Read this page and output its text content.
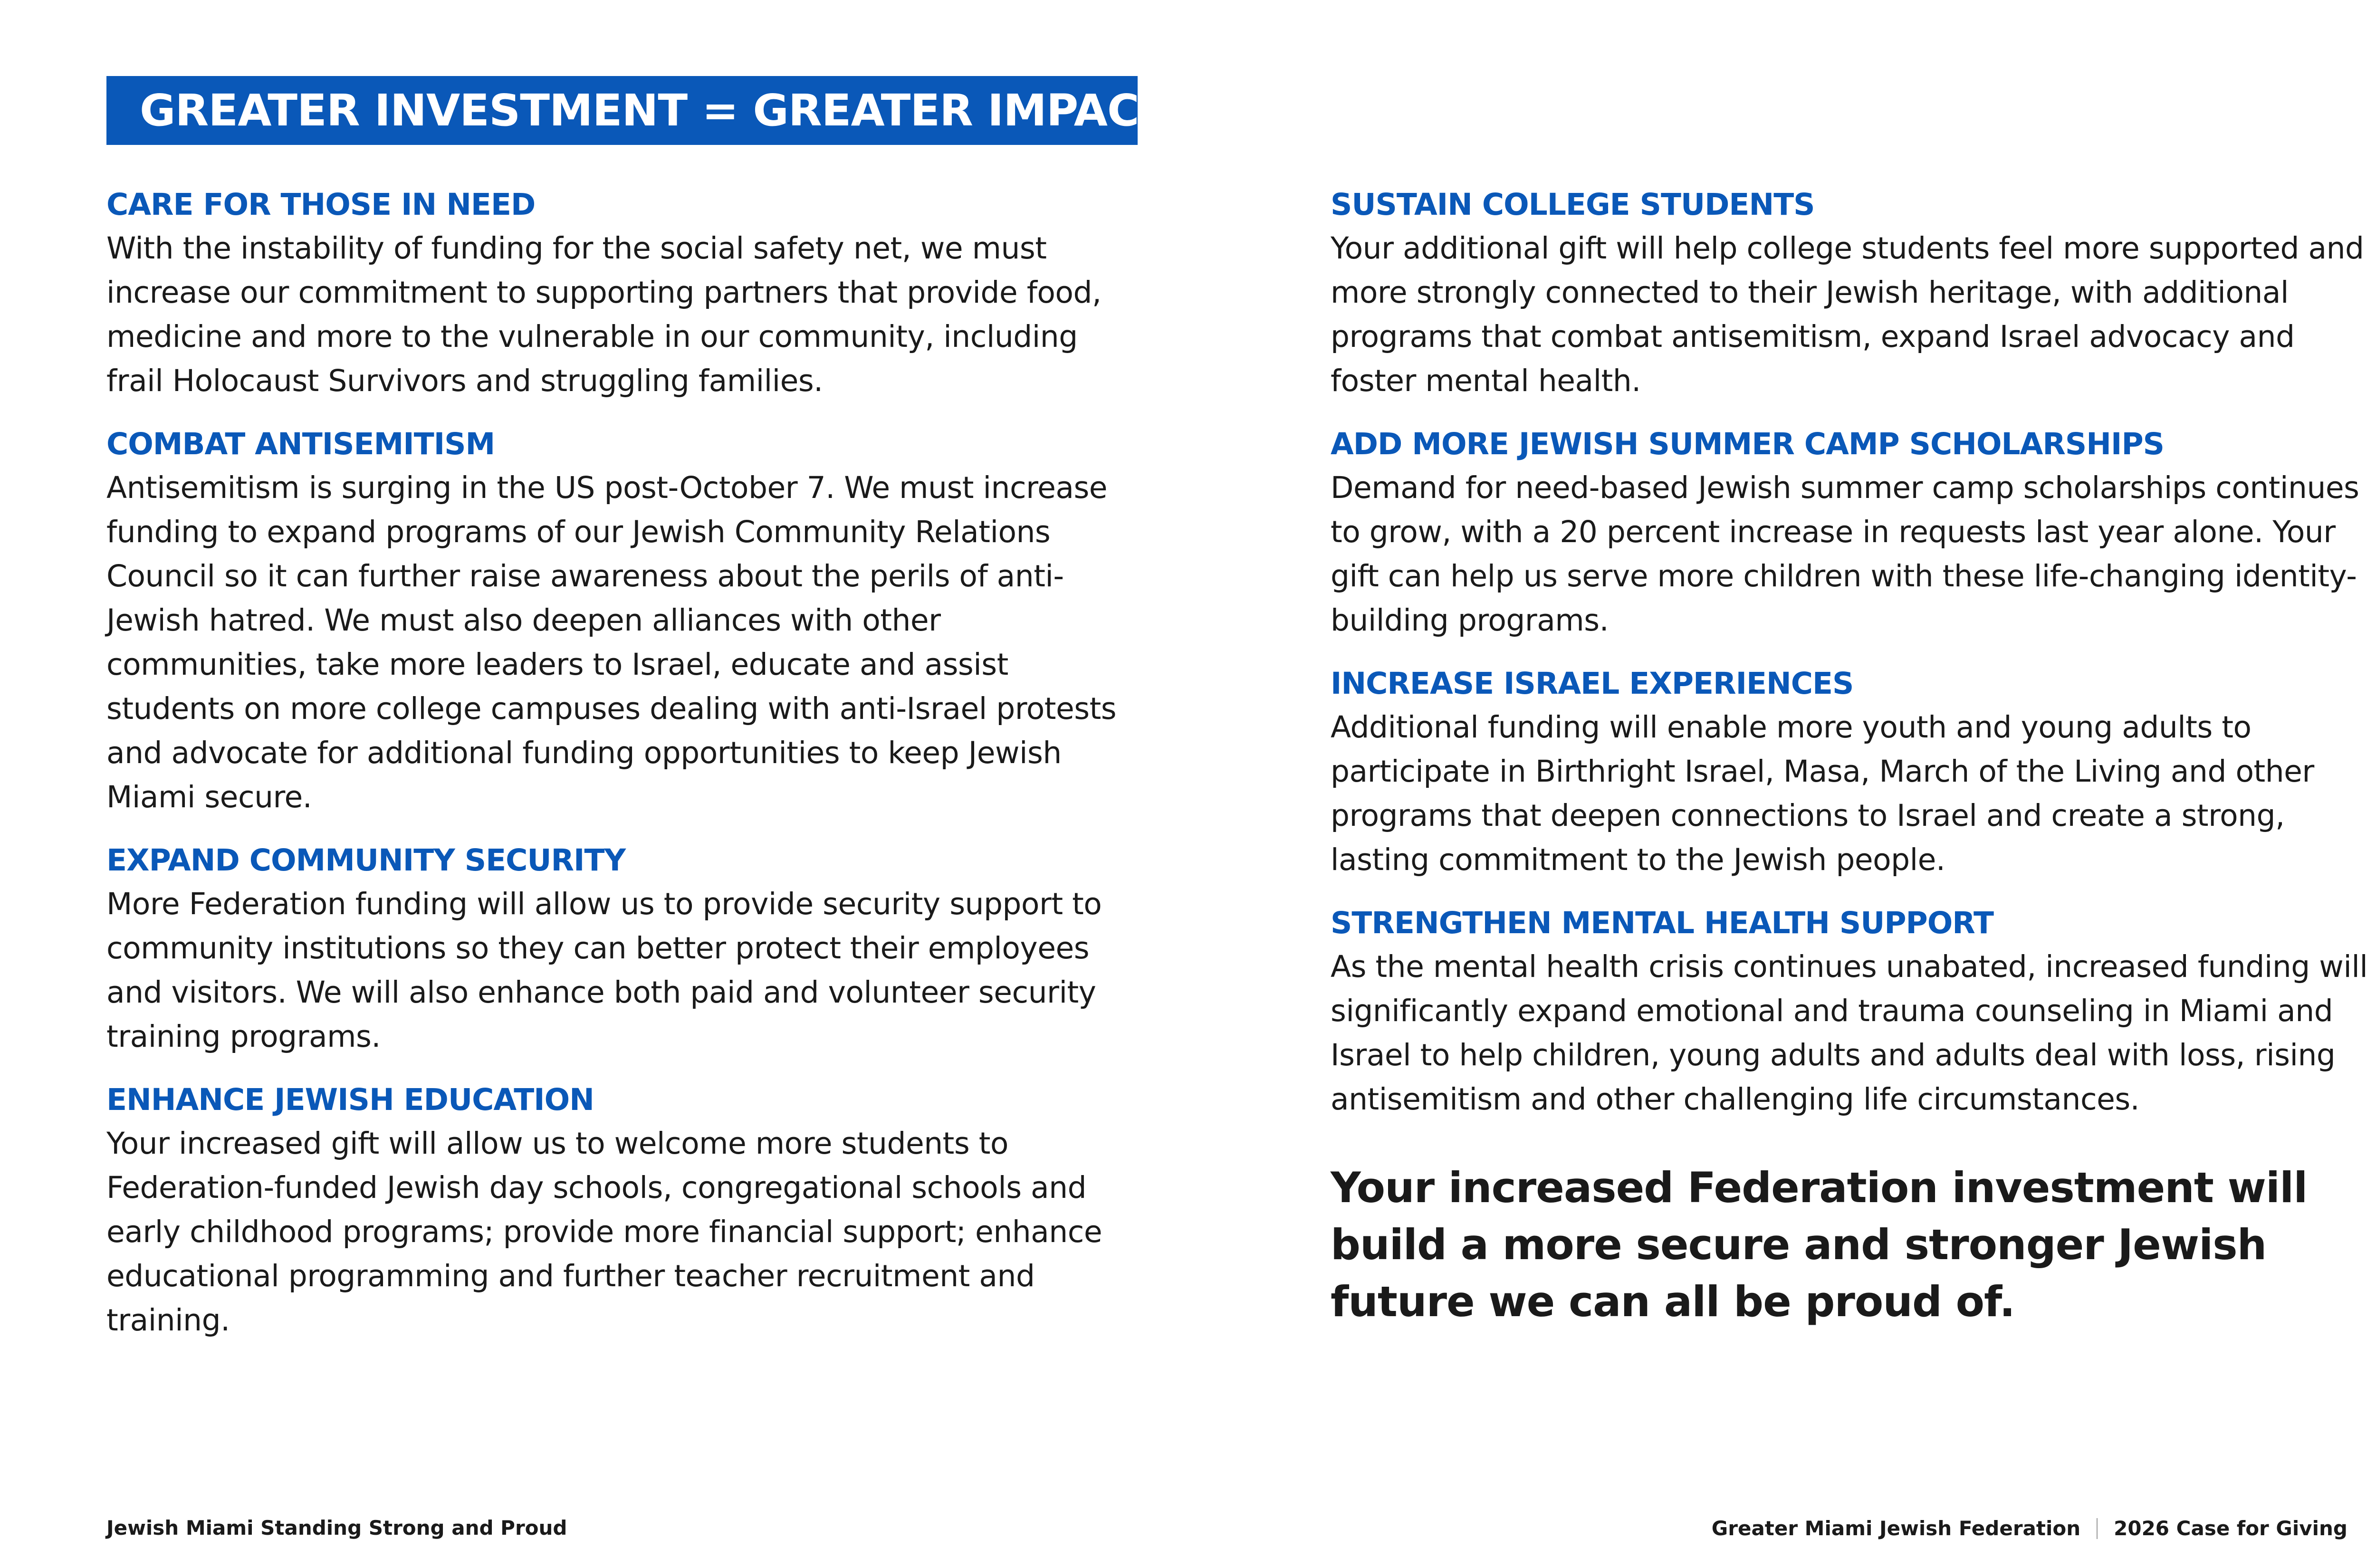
GREATER INVESTMENT = GREATER IMPACT
CARE FOR THOSE IN NEED

With the instability of funding for the social safety net, we must increase our commitment to supporting partners that provide food, medicine and more to the vulnerable in our community, including frail Holocaust Survivors and struggling families.

COMBAT ANTISEMITISM

Antisemitism is surging in the US post-October 7. We must increase funding to expand programs of our Jewish Community Relations Council so it can further raise awareness about the perils of anti-Jewish hatred. We must also deepen alliances with other communities, take more leaders to Israel, educate and assist students on more college campuses dealing with anti-Israel protests and advocate for additional funding opportunities to keep Jewish Miami secure.

EXPAND COMMUNITY SECURITY

More Federation funding will allow us to provide security support to community institutions so they can better protect their employees and visitors. We will also enhance both paid and volunteer security training programs.

ENHANCE JEWISH EDUCATION

Your increased gift will allow us to welcome more students to Federation-funded Jewish day schools, congregational schools and early childhood programs; provide more financial support; enhance educational programming and further teacher recruitment and training.

SUSTAIN COLLEGE STUDENTS

Your additional gift will help college students feel more supported and more strongly connected to their Jewish heritage, with additional programs that combat antisemitism, expand Israel advocacy and foster mental health.

ADD MORE JEWISH SUMMER CAMP SCHOLARSHIPS

Demand for need-based Jewish summer camp scholarships continues to grow, with a 20 percent increase in requests last year alone. Your gift can help us serve more children with these life-changing identity-building programs.

INCREASE ISRAEL EXPERIENCES

Additional funding will enable more youth and young adults to participate in Birthright Israel, Masa, March of the Living and other programs that deepen connections to Israel and create a strong, lasting commitment to the Jewish people.

STRENGTHEN MENTAL HEALTH SUPPORT

As the mental health crisis continues unabated, increased funding will significantly expand emotional and trauma counseling in Miami and Israel to help children, young adults and adults deal with loss, rising antisemitism and other challenging life circumstances.

Your increased Federation investment will build a more secure and stronger Jewish future we can all be proud of.
Jewish Miami Standing Strong and Proud	Greater Miami Jewish Federation 2026 Case for Giving
